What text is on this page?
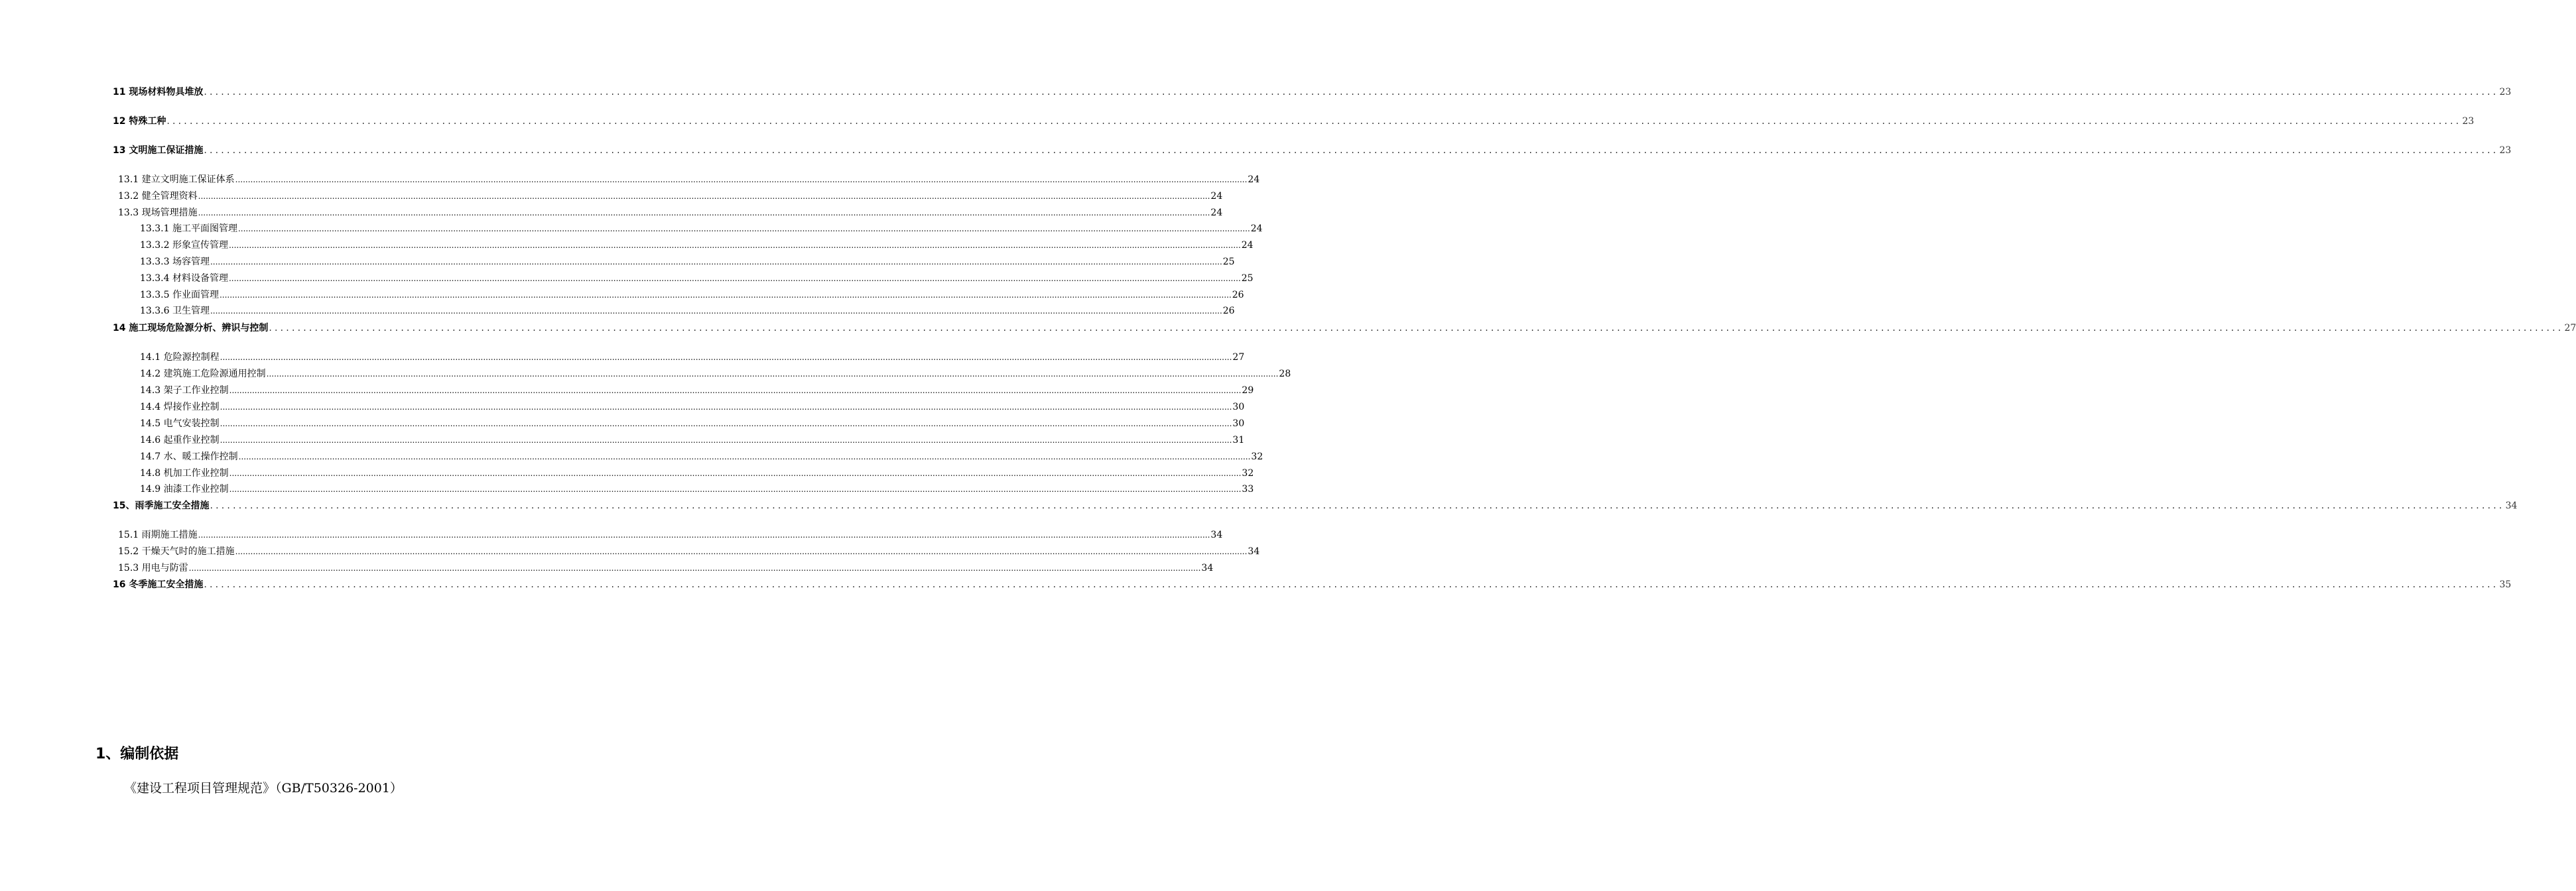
11 现场材料物具堆放 ................................................................................................................................................................................................................................................................................................................................................................................................................ 23
12 特殊工种 ................................................................................................................................................................................................................................................................................................................................................................................................................ 23
13 文明施工保证措施 ................................................................................................................................................................................................................................................................................................................................................................................................................ 23
13.1 建立文明施工保证体系 ................................................................................................................................................................................................................................................................................................................................................................................................................ 24
13.2 健全管理资料 ................................................................................................................................................................................................................................................................................................................................................................................................................ 24
13.3 现场管理措施 ................................................................................................................................................................................................................................................................................................................................................................................................................ 24
13.3.1 施工平面图管理 ................................................................................................................................................................................................................................................................................................................................................................................................................ 24
13.3.2 形象宣传管理 ................................................................................................................................................................................................................................................................................................................................................................................................................ 24
13.3.3 场容管理 ................................................................................................................................................................................................................................................................................................................................................................................................................ 25
13.3.4 材料设备管理 ................................................................................................................................................................................................................................................................................................................................................................................................................ 25
13.3.5 作业面管理 ................................................................................................................................................................................................................................................................................................................................................................................................................ 26
13.3.6 卫生管理 ................................................................................................................................................................................................................................................................................................................................................................................................................ 26
14 施工现场危险源分析、辨识与控制 ................................................................................................................................................................................................................................................................................................................................................................................................................ 27
14.1 危险源控制程 ................................................................................................................................................................................................................................................................................................................................................................................................................ 27
14.2 建筑施工危险源通用控制 ................................................................................................................................................................................................................................................................................................................................................................................................................ 28
14.3 架子工作业控制 ................................................................................................................................................................................................................................................................................................................................................................................................................ 29
14.4 焊接作业控制 ................................................................................................................................................................................................................................................................................................................................................................................................................ 30
14.5 电气安装控制 ................................................................................................................................................................................................................................................................................................................................................................................................................ 30
14.6 起重作业控制 ................................................................................................................................................................................................................................................................................................................................................................................................................ 31
14.7 水、暖工操作控制 ................................................................................................................................................................................................................................................................................................................................................................................................................ 32
14.8 机加工作业控制 ................................................................................................................................................................................................................................................................................................................................................................................................................ 32
14.9 油漆工作业控制 ................................................................................................................................................................................................................................................................................................................................................................................................................ 33
15、雨季施工安全措施 ................................................................................................................................................................................................................................................................................................................................................................................................................ 34
15.1 雨期施工措施 ................................................................................................................................................................................................................................................................................................................................................................................................................ 34
15.2 干燥天气时的施工措施 ................................................................................................................................................................................................................................................................................................................................................................................................................ 34
15.3 用电与防雷 ................................................................................................................................................................................................................................................................................................................................................................................................................ 34
16 冬季施工安全措施 ................................................................................................................................................................................................................................................................................................................................................................................................................ 35
1、编制依据
《建设工程项目管理规范》（GB/T50326-2001）
